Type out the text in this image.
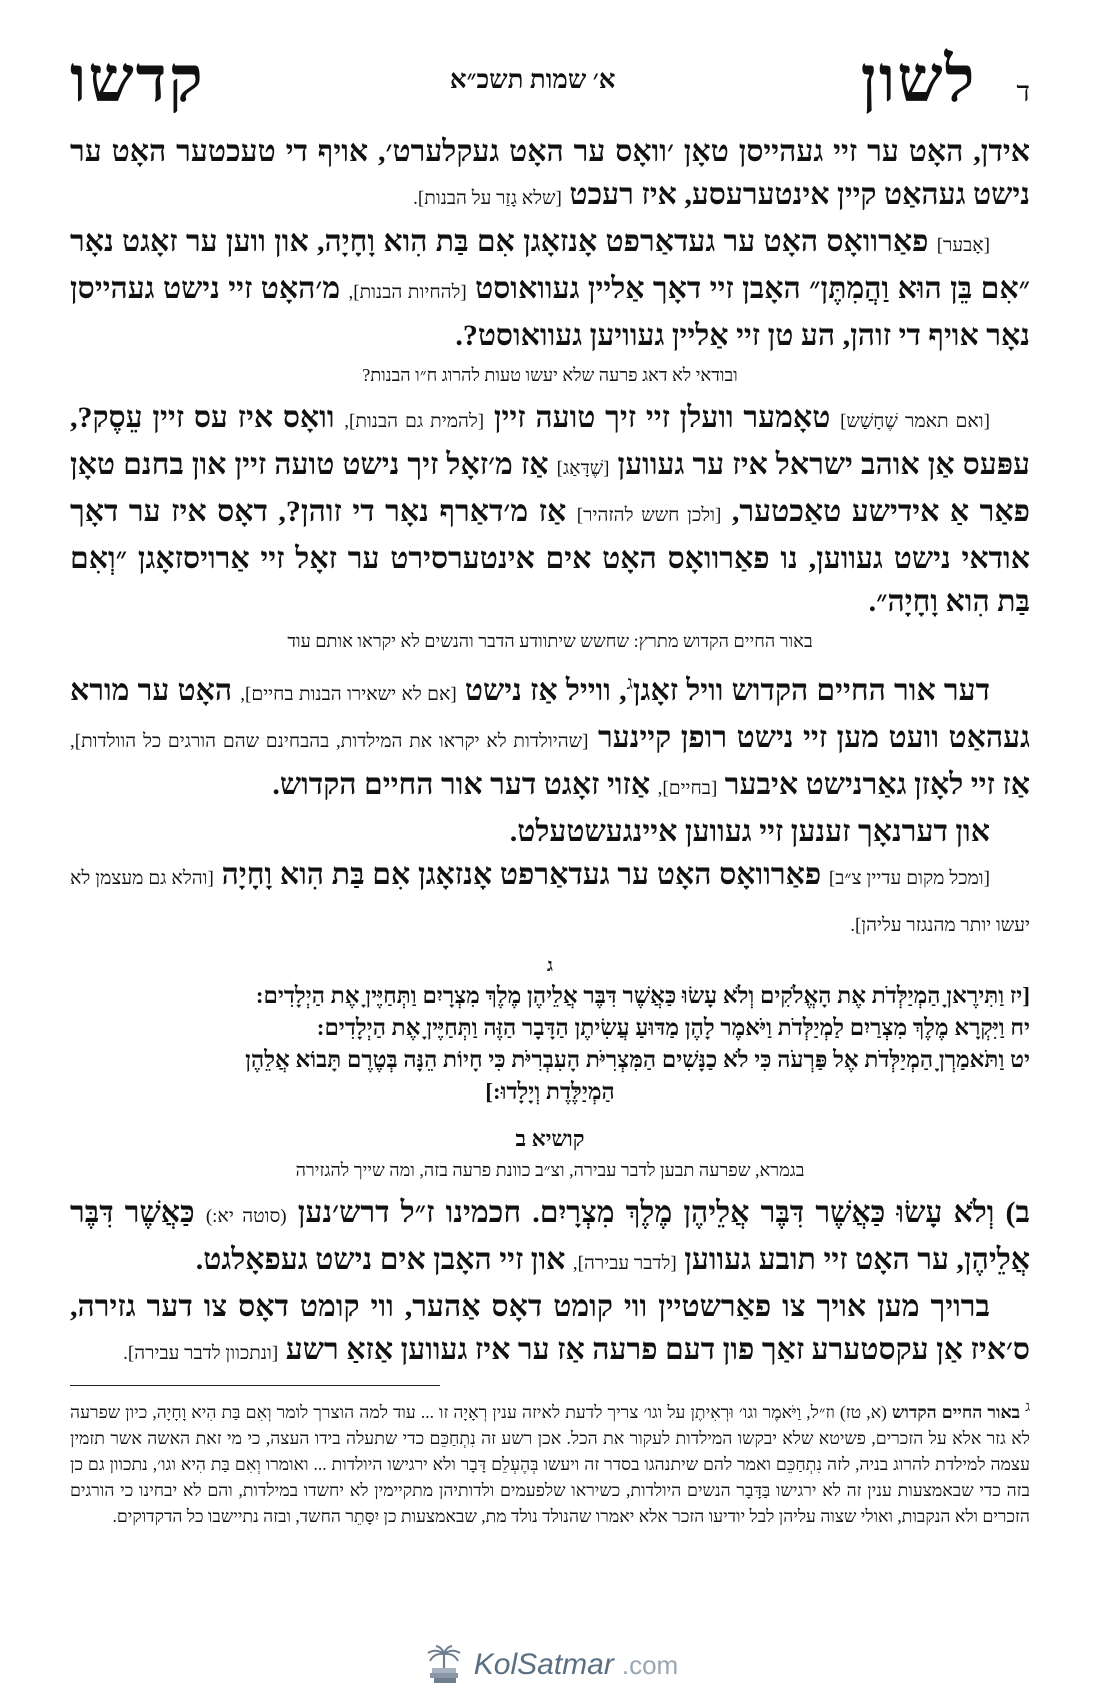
ד
לשון
א׳ שמות תשכ״א
קדשו

אידן, האָט ער זיי געהייסן טאָן ׳וואָס ער האָט געקלערט׳, אויף די טעכטער האָט ער נישט געהאַט קיין אינטערעסע, איז רעכט [שלא גָזַר על הבנות].

[אָבער] פאַרוואָס האָט ער געדאַרפט אָנזאָגן אִם בַּת הִוא וָחָיָה, און ווען ער זאָגט נאָר ״אִם בֵּן הוּא וַהֲמִתֶּן״ האָבן זיי דאָך אַליין געוואוסט [להחיות הבנות], מ׳האָט זיי נישט געהייסן נאָר אויף די זוהן, הע טן זיי אַליין געוויען געוואוסט?.

ובודאי לא דאג פרעה שלא יעשו טעות להרוג ח״ו הבנות?

[ואם תאמר שֶׁחָשַׁש] טאָמער וועלן זיי זיך טועה זיין [להמית גם הבנות], וואָס איז עס זיין עֵסֶק?, עפּעס אַן אוהב ישראל איז ער געווען [שֶׁדָּאַג] אַז מ׳זאָל זיך נישט טועה זיין און בחנם טאָן פאַר אַ אידישע טאַכטער, [ולכן חשש להזהיר] אַז מ׳דאַרף נאָר די זוהן?, דאָס איז ער דאָך אודאי נישט געווען, נו פאַרוואָס האָט אים אינטערסירט ער זאָל זיי אַרויסזאָגן ״וְאִם בַּת הִוא וָחָיָה״.

באור החיים הקדוש מתרץ: שחשש שיתוודע הדבר והנשים לא יקראו אותם עוד

דער אור החיים הקדוש וויל זאָגן$^ג$, ווייל אַז נישט [אם לא ישאירו הבנות בחיים], האָט ער מורא געהאַט וועט מען זיי נישט רופן קיינער [שהיולדות לא יקראו את המילדות, בהבחינם שהם הורגים כל הוולדות], אַז זיי לאָזן גאַרנישט איבער [בחיים], אַזוי זאָגט דער אור החיים הקדוש.

און דערנאָך זענען זיי געווען איינגעשטעלט.

[ומכל מקום עדיין צ״ב] פאַרוואָס האָט ער געדאַרפט אָנזאָגן אִם בַּת הִוא וָחָיָה [והלא גם מעצמן לא יעשו יותר מהנגזר עליהן].

ג

[יז וַתִּירֶאןָ הַמְיַלְּדֹת אֶת הָאֱלֹקִים וְלֹא עָשׂוּ כַּאֲשֶׁר דִּבֶּר אֲלֵיהֶן מֶלֶךְ מִצְרָיִם וַתְּחַיֶּיןָ אֶת הַיְלָדִים:

יח וַיִּקְרָא מֶלֶךְ מִצְרַיִם לַמְיַלְּדֹת וַיֹּאמֶר לָהֶן מַדּוּעַ עֲשִׂיתֶן הַדָּבָר הַזֶּה וַתְּחַיֶּיןָ אֶת הַיְלָדִים:

יט וַתֹּאמַרְןָ הַמְיַלְּדֹת אֶל פַּרְעֹה כִּי לֹא כַנָּשִׁים הַמִּצְרִיֹּת הָעִבְרִיֹּת כִּי חָיוֹת הֵנָּה בְּטֶרֶם תָּבוֹא אֲלֵהֶן

הַמְיַלֶּדֶת וְיָלָדוּ:]

קושיא ב
בגמרא, שפרעה תבען לדבר עבירה, וצ״ב כוונת פרעה בזה, ומה שייך להגזירה

ב) וְלֹא עָשׂוּ כַּאֲשֶׁר דִּבֶּר אֲלֵיהֶן מֶלֶךְ מִצְרָיִם. חכמינו ז״ל דרש׳נען (סוטה יא:) כַּאֲשֶׁר דִּבֶּר אֲלֵיהֶן, ער האָט זיי תובע געווען [לדבר עבירה], און זיי האָבן אים נישט געפאָלגט.

ברויך מען אויך צו פאַרשטיין ווי קומט דאָס אַהער, ווי קומט דאָס צו דער גזירה, ס׳איז אַן עקסטערע זאַך פון דעם פרעה אַז ער איז געווען אַזאַ רשע [ונתכוון לדבר עבירה].

$^ג$ באור החיים הקדוש (א, טז) וז״ל, וַיֹּאמֶר וגו׳ וּרְאִיתֶן על וגו׳ צריך לדעת לאיזה ענין רְאָיָה זו ... עוד למה הוצרך לומר וְאִם בַּת הִיא וָחָיָה, כיון שפרעה לא גזר אלא על הזכרים, פשיטא שלא יבקשו המילדות לעקור את הכל. אכן רשע זה נִתְחַכֵּם כדי שתעלה בידו העצה, כי מי זאת האשה אשר תזמין עצמה למילדת להרוג בניה, לזה נִתְחַכֵּם ואמר להם שיתנהגו בסדר זה ויעשו בְּהֶעְלֵם דָּבָר ולא ירגישו היולדות ... ואומרו וְאִם בַּת הִיא וגו׳, נתכוון גם כן בזה כדי שבאמצעות ענין זה לא ירגישו בַּדָּבָר הנשים היולדות, כשיראו שלפעמים ולדותיהן מתקיימין לא יחשדו במילדות, והם לא יבחינו כי הורגים הזכרים ולא הנקבות, ואולי שצוה עליהן לבל יודיעו הזכר אלא יאמרו שהנולד נולד מת, שבאמצעות כן יִסָּתֵר החשד, ובזה נתיישבו כל הדקדוקים.

KolSatmar .com
